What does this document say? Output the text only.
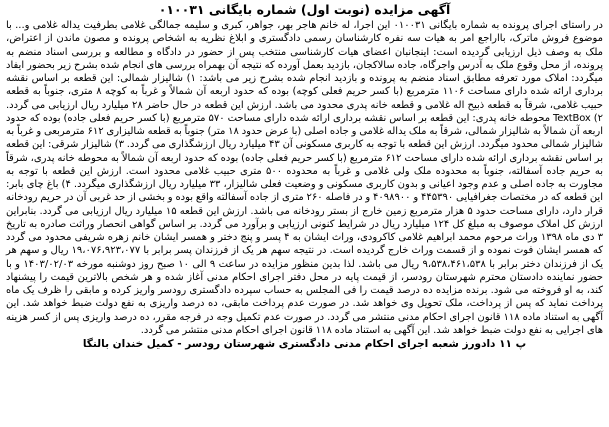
آگهی مزایده (نوبت اول) شماره بایگانی ۰۱۰۰۳۱
در راستای اجرای پرونده به شماره بایگانی ۰۱۰۰۳۱ این اجرا، له خانم هاجر بهر، جواهر، کبری و سلیمه جمالگی غلامی بطرفیت یداله غلامی و... با موضوع فروش ماترک، بااراجع امر به هیات سه نفره کارشناسان رسمی دادگستری و ابلاغ نظریه به اشخاص پرونده و مصون ماندن از اعتراض، ملک به وصف ذیل ارزیابی گردیده است: اینجانبان اعضای هیات کارشناسی منتخب پس از حضور در دادگاه و مطالعه و بررسی اسناد منضم به پرونده، از محل وقوع ملک به آدرس واجرگاه، جاده سالاکجان، بازدید بعمل آورده که نتیجه آن بهمراه بررسی های انجام شده بشرح زیر بحضور ایفاد میگردد: املاک مورد تعرفه مطابق اسناد منضم به پرونده و بازدید انجام شده بشرح زیر می باشد: ۱) شالیزار شمالی: این قطعه بر اساس نقشه برداری ارائه شده دارای مساحت ۱۱۰۶ مترمربع (با کسر حریم فعلی کوچه) بوده که حدود اربعه آن شمالاً و غرباً به کوچه ۸ متری، جنوباً به قطعه حبیب غلامی، شرقاً به قطعه ذبیح اله غلامی و قطعه خانه پدری محدود می باشد. ارزش این قطعه در حال حاضر ۲۸ میلیارد ریال ارزیابی می گردد. ۲) TextBox محوطه خانه پدری: این قطعه بر اساس نقشه برداری ارائه شده دارای مساحت ۵۷۰ مترمربع (با کسر حریم فعلی جاده) بوده که حدود اربعه آن شمالاً به شالیزار شمالی، شرقاً به ملک یداله غلامی و جاده اصلی (با عرض حدود ۱۸ متر) جنوباً به قطعه شالیزاری ۶۱۲ مترمربعی و غرباً به شالیزار شمالی محدود میگردد. ارزش این قطعه با توجه به کاربری مسکونی آن ۴۳ میلیارد ریال ارزشگذاری می گردد. ۳) شالیزار شرقی: این قطعه بر اساس نقشه برداری ارائه شده دارای مساحت ۶۱۲ مترمربع (با کسر حریم فعلی جاده) بوده که حدود اربعه آن شمالاً به محوطه خانه پدری، شرقاً به حریم جاده آسفالته، جنوباً به محدوده ملک ولی غلامی و غرباً به محدوده ۵۰۰ متری حبیب غلامی محدود است. ارزش این قطعه با توجه به مجاورت به جاده اصلی و عدم وجود اعیانی و بدون کاربری مسکونی و وضعیت فعلی شالیزار، ۳۳ میلیارد ریال ارزشگذاری میگردد. ۴) باغ چای بابر: این قطعه که در مختصات جغرافیایی ۴۴۵۳۹۰ و ۴۰۹۸۹۰۰ و در فاصله ۲۶۰ متری از جاده آسفالته واقع بوده و بخشی از حد غربی آن در حریم رودخانه قرار دارد، دارای مساحت حدود ۵ هزار مترمربع زمین خارج از بستر رودخانه می باشد. ارزش این قطعه ۱۵ میلیارد ریال ارزیابی می گردد. بنابراین ارزش کل املاک موصوف به مبلغ کل ۱۲۴ میلیارد ریال در شرایط کنونی ارزیابی و برآورد می گردد. بر اساس گواهی انحصار وراثت صادره به تاریخ ۳ دی ماه ۱۳۹۸ وراث مرحوم محمد ابراهیم غلامی کاکرودی، وراث ایشان به ۴ پسر و پنج دختر و همسر ایشان خانم زهره شریفی محدود می گردد که همسر ایشان فوت نموده و از قسمت وراث خارج گردیده است. در نتیجه سهم هر یک از فرزندان پسر برابر با ۱۹،۰۷۶،۹۲۳،۰۷۷ ریال و سهم هر یک از فرزندان دختر برابر با ۹،۵۳۸،۴۶۱،۵۳۸ ریال می باشد. لذا بدین منظور مزایده در ساعت ۹ الی ۱۰ صبح روز دوشنبه مورخه ۱۴۰۳/۰۲/۰۳ و با حضور نماینده دادستان محترم شهرستان رودسر، از قیمت پایه در محل دفتر اجرای احکام مدنی آغاز شده و هر شخص بالاترین قیمت را پیشنهاد کند، به او فروخته می شود. برنده مزایده ده درصد قیمت را فی المجلس به حساب سپرده دادگستری رودسر واریز کرده و مابقی را ظرف یک ماه پرداخت نماید که پس از پرداخت، ملک تحویل وی خواهد شد. در صورت عدم پرداخت مابقی، ده درصد واریزی به نفع دولت ضبط خواهد شد. این آگهی به استناد ماده ۱۱۸ قانون اجرای احکام مدنی منتشر می گردد. در صورت عدم تکمیل وجه در فرجه مقرر، ده درصد واریزی پس از کسر هزینه های اجرایی به نفع دولت ضبط خواهد شد. این آگهی به استناد ماده ۱۱۸ قانون اجرای احکام مدنی منتشر می گردد.
پ ۱۱ دادورز شعبه اجرای احکام مدنی دادگستری شهرستان رودسر - کمیل خندان بالنگا
